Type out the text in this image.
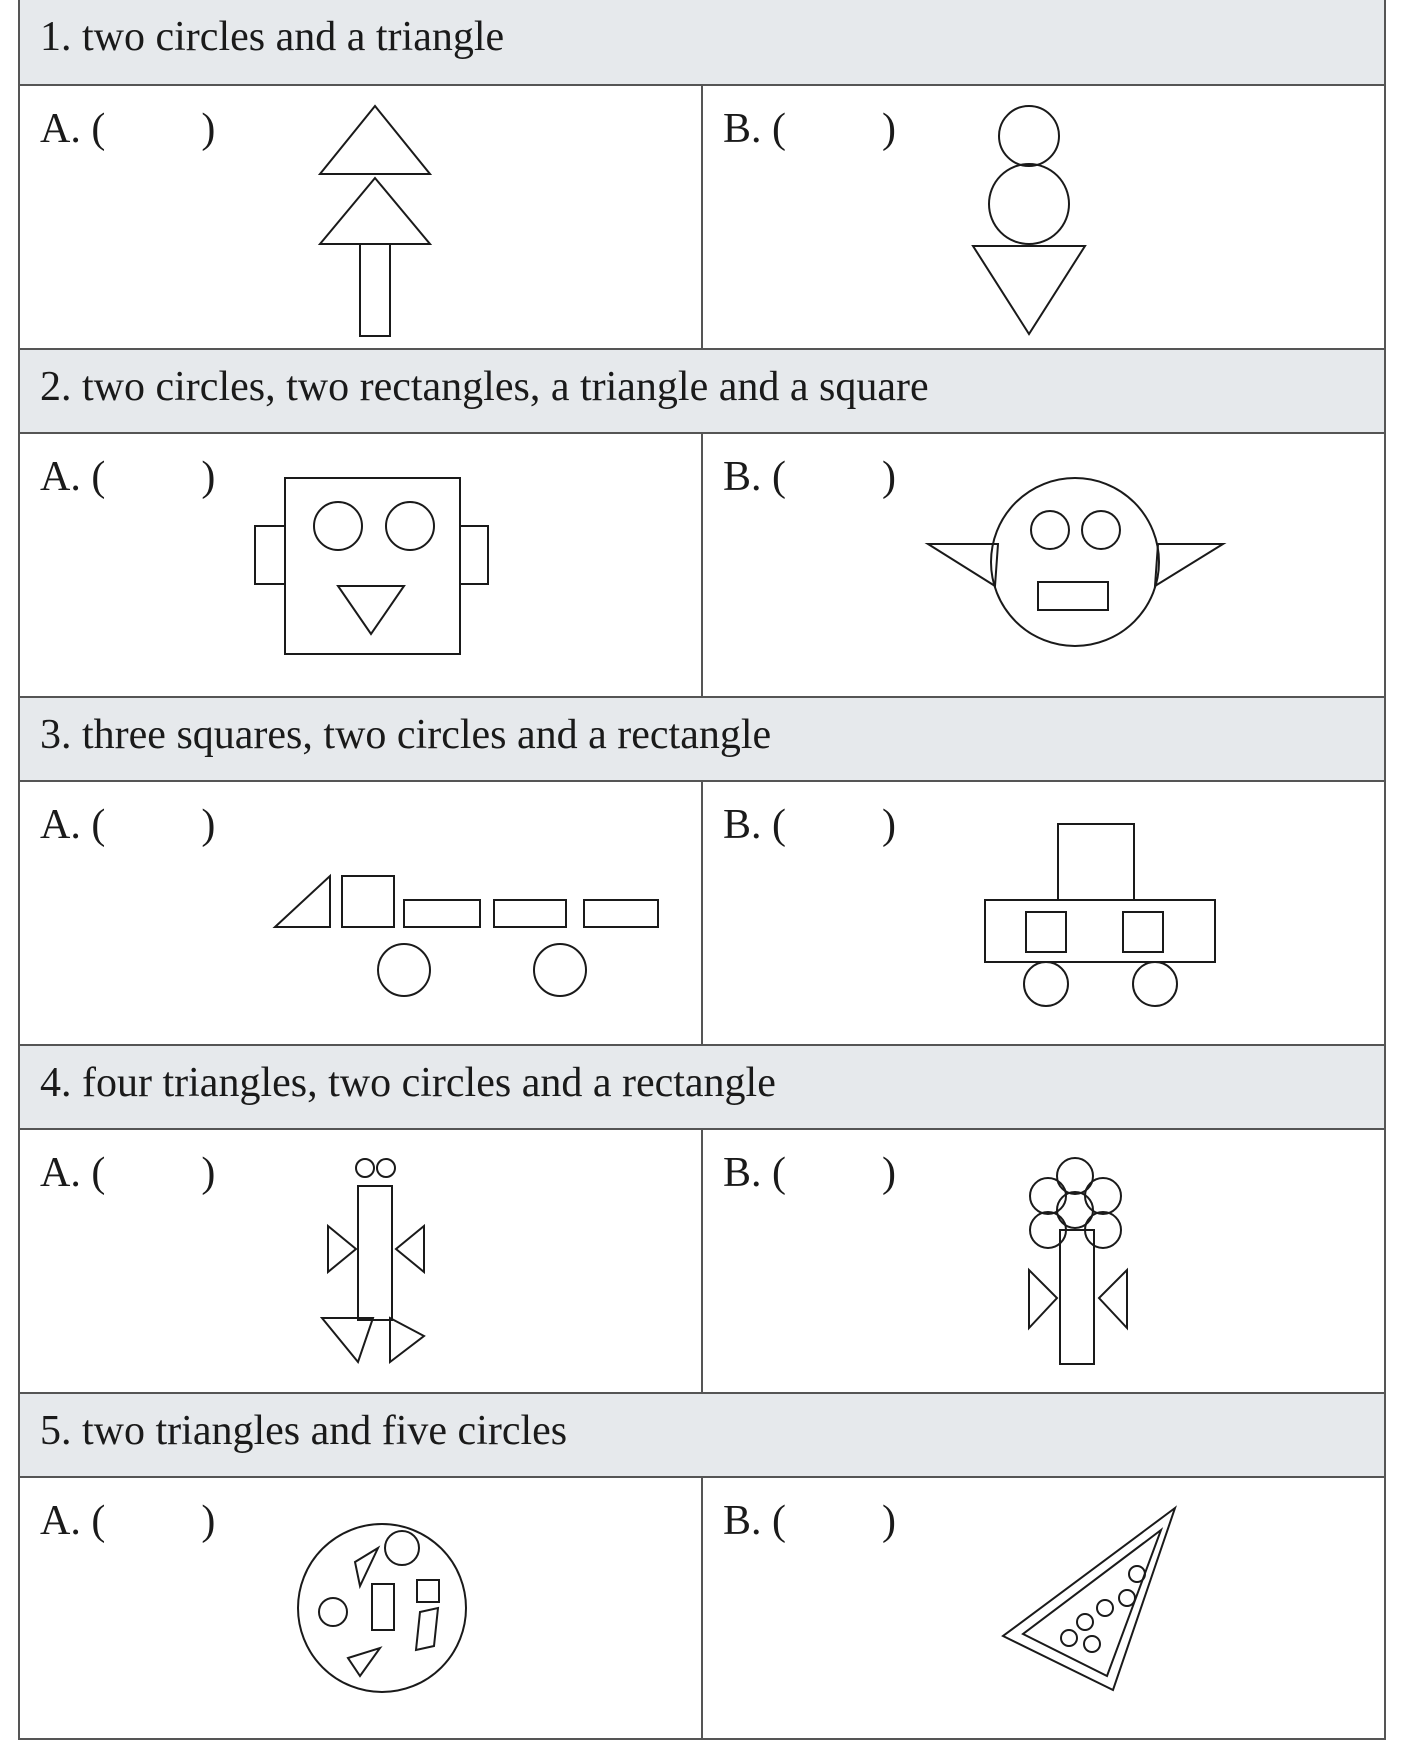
1. two circles and a triangle
A. ( )	B. ( )
2. two circles, two rectangles, a triangle and a square
A. ( )	B. ( )
3. three squares, two circles and a rectangle
A. ( )	B. ( )
4. four triangles, two circles and a rectangle
A. ( )	B. ( )
5. two triangles and five circles
A. ( )	B. ( )
